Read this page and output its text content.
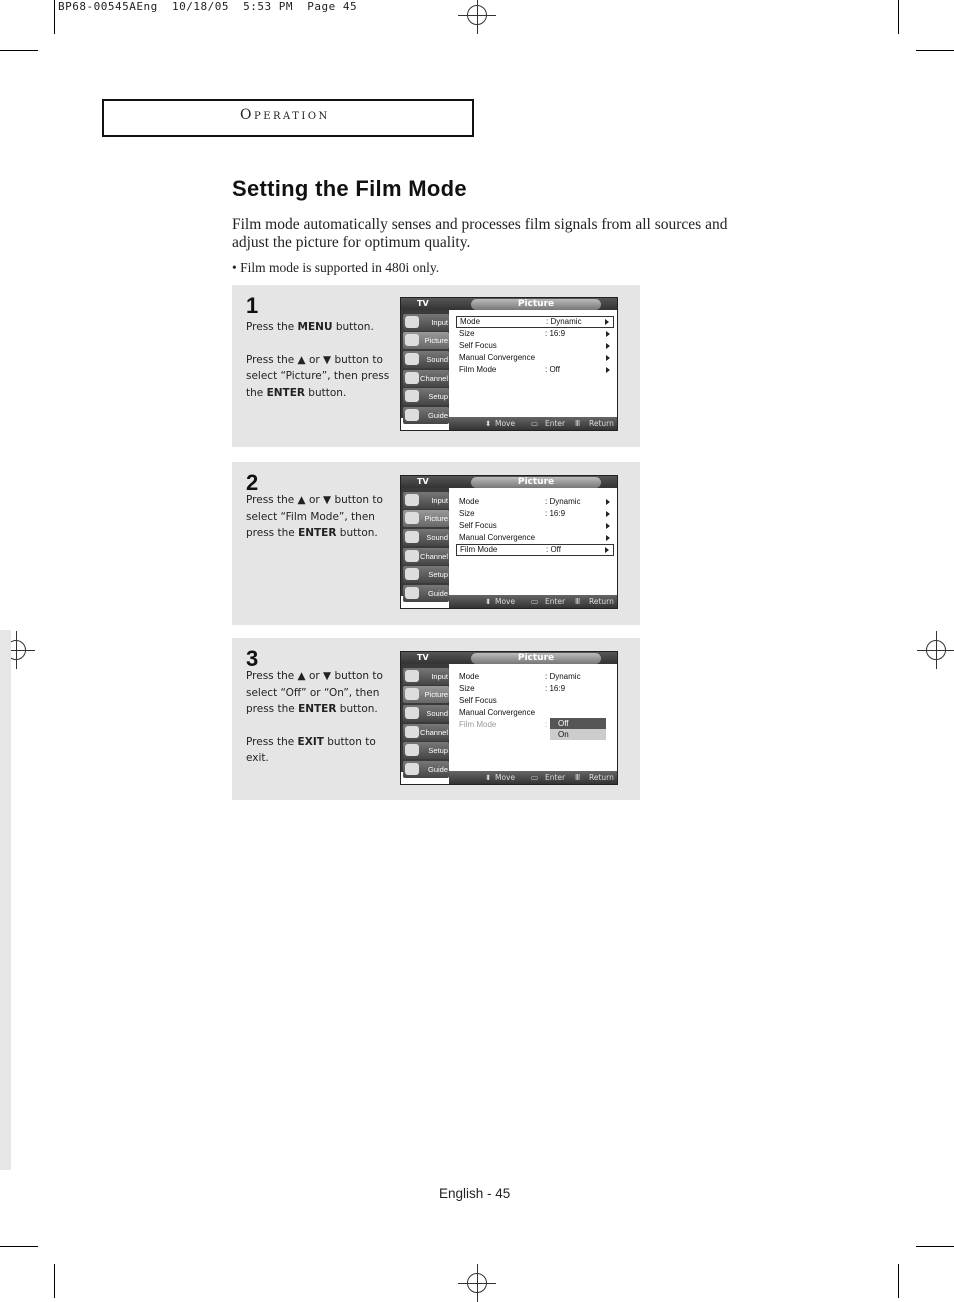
BP68-00545AEng  10/18/05  5:53 PM  Page 45
Operation
Setting the Film Mode
Film mode automatically senses and processes film signals from all sources and adjust the picture for optimum quality.
• Film mode is supported in 480i only.
1

Press the MENU button.

Press the ▲ or ▼ button to select “Picture”, then press the ENTER button.

TV	Picture
Input
Picture
Sound
Channel
Setup
Guide
Mode	: Dynamic
Size	: 16:9
Self Focus
Manual Convergence
Film Mode	: Off
⬍ Move ▭ Enter Ⅲ Return
2

Press the ▲ or ▼ button to select “Film Mode”, then press the ENTER button.

TV	Picture
Input
Picture
Sound
Channel
Setup
Guide
Mode	: Dynamic
Size	: 16:9
Self Focus
Manual Convergence
Film Mode	: Off
⬍ Move ▭ Enter Ⅲ Return
3

Press the ▲ or ▼ button to select “Off” or “On”, then press the ENTER button.

Press the EXIT button to exit.

TV	Picture
Input
Picture
Sound
Channel
Setup
Guide
Mode	: Dynamic
Size	: 16:9
Self Focus
Manual Convergence
Film Mode	:	Off
On
⬍ Move ▭ Enter Ⅲ Return
English - 45
